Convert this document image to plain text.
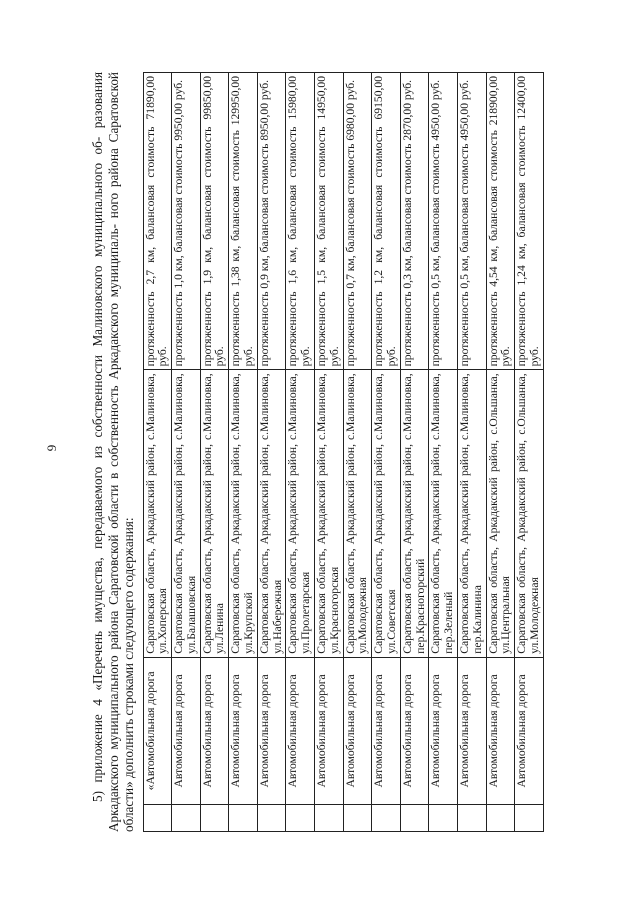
9 5) приложение 4 «Перечень имущества, передаваемого из собственности Малиновского муниципального об- разования Аркадакского муниципального района Саратовской области в собственность Аркадакского муниципаль- ного района Саратовской области» дополнить строками следующего содержания:

	«Автомобильная дорога	Саратовская область, Аркадакский район, с.Малиновка, ул.Хоперская	протяженность 2,7 км, балансовая стоимость 71890,00 руб.
	Автомобильная дорога	Саратовская область, Аркадакский район, с.Малиновка, ул.Балашовская	протяженность 1,0 км, балансовая стоимость 9950,00 руб.
	Автомобильная дорога	Саратовская область, Аркадакский район, с.Малиновка, ул.Ленина	протяженность 1,9 км, балансовая стоимость 99850,00 руб.
	Автомобильная дорога	Саратовская область, Аркадакский район, с.Малиновка, ул.Крупской	протяженность 1,38 км, балансовая стоимость 129950,00 руб.
	Автомобильная дорога	Саратовская область, Аркадакский район, с.Малиновка, ул.Набережная	протяженность 0,9 км, балансовая стоимость 8950,00 руб.
	Автомобильная дорога	Саратовская область, Аркадакский район, с.Малиновка, ул.Пролетарская	протяженность 1,6 км, балансовая стоимость 15980,00 руб.
	Автомобильная дорога	Саратовская область, Аркадакский район, с.Малиновка, ул.Красногорская	протяженность 1,5 км, балансовая стоимость 14950,00 руб.
	Автомобильная дорога	Саратовская область, Аркадакский район, с.Малиновка, ул.Молодежная	протяженность 0,7 км, балансовая стоимость 6980,00 руб.
	Автомобильная дорога	Саратовская область, Аркадакский район, с.Малиновка, ул.Советская	протяженность 1,2 км, балансовая стоимость 69150,00 руб.
	Автомобильная дорога	Саратовская область, Аркадакский район, с.Малиновка, пер.Красногорский	протяженность 0,3 км, балансовая стоимость 2870,00 руб.
	Автомобильная дорога	Саратовская область, Аркадакский район, с.Малиновка, пер.Зеленый	протяженность 0,5 км, балансовая стоимость 4950,00 руб.
	Автомобильная дорога	Саратовская область, Аркадакский район, с.Малиновка, пер.Калинина	протяженность 0,5 км, балансовая стоимость 4950,00 руб.
	Автомобильная дорога	Саратовская область, Аркадакский район, с.Ольшанка, ул.Центральная	протяженность 4,54 км, балансовая стоимость 218900,00 руб.
	Автомобильная дорога	Саратовская область, Аркадакский район, с.Ольшанка, ул.Молодежная	протяженность 1,24 км, балансовая стоимость 12400,00 руб.
